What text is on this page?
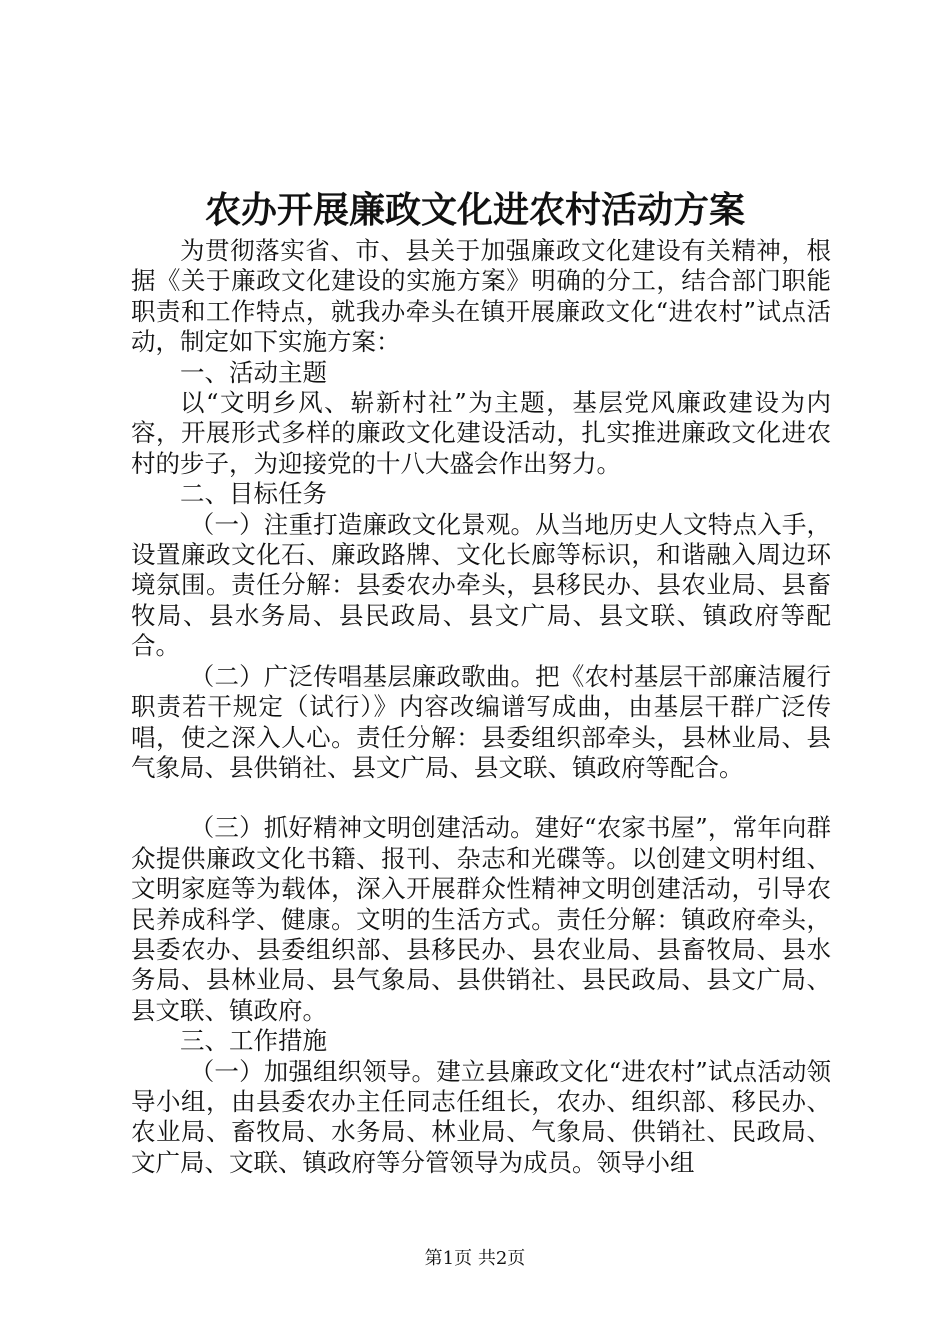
农办开展廉政文化进农村活动方案

为贯彻落实省、市、县关于加强廉政文化建设有关精神，根据《关于廉政文化建设的实施方案》明确的分工，结合部门职能职责和工作特点，就我办牵头在镇开展廉政文化“进农村”试点活动，制定如下实施方案：

一、活动主题

以“文明乡风、崭新村社”为主题，基层党风廉政建设为内容，开展形式多样的廉政文化建设活动，扎实推进廉政文化进农村的步子，为迎接党的十八大盛会作出努力。

二、目标任务

（一）注重打造廉政文化景观。从当地历史人文特点入手，设置廉政文化石、廉政路牌、文化长廊等标识，和谐融入周边环境氛围。责任分解：县委农办牵头，县移民办、县农业局、县畜牧局、县水务局、县民政局、县文广局、县文联、镇政府等配合。

（二）广泛传唱基层廉政歌曲。把《农村基层干部廉洁履行职责若干规定（试行）》内容改编谱写成曲，由基层干群广泛传唱，使之深入人心。责任分解：县委组织部牵头，县林业局、县气象局、县供销社、县文广局、县文联、镇政府等配合。

（三）抓好精神文明创建活动。建好“农家书屋”，常年向群众提供廉政文化书籍、报刊、杂志和光碟等。以创建文明村组、文明家庭等为载体，深入开展群众性精神文明创建活动，引导农民养成科学、健康。文明的生活方式。责任分解：镇政府牵头，县委农办、县委组织部、县移民办、县农业局、县畜牧局、县水务局、县林业局、县气象局、县供销社、县民政局、县文广局、县文联、镇政府。

三、工作措施

（一）加强组织领导。建立县廉政文化“进农村”试点活动领导小组，由县委农办主任同志任组长，农办、组织部、移民办、农业局、畜牧局、水务局、林业局、气象局、供销社、民政局、文广局、文联、镇政府等分管领导为成员。领导小组

第1页 共2页
